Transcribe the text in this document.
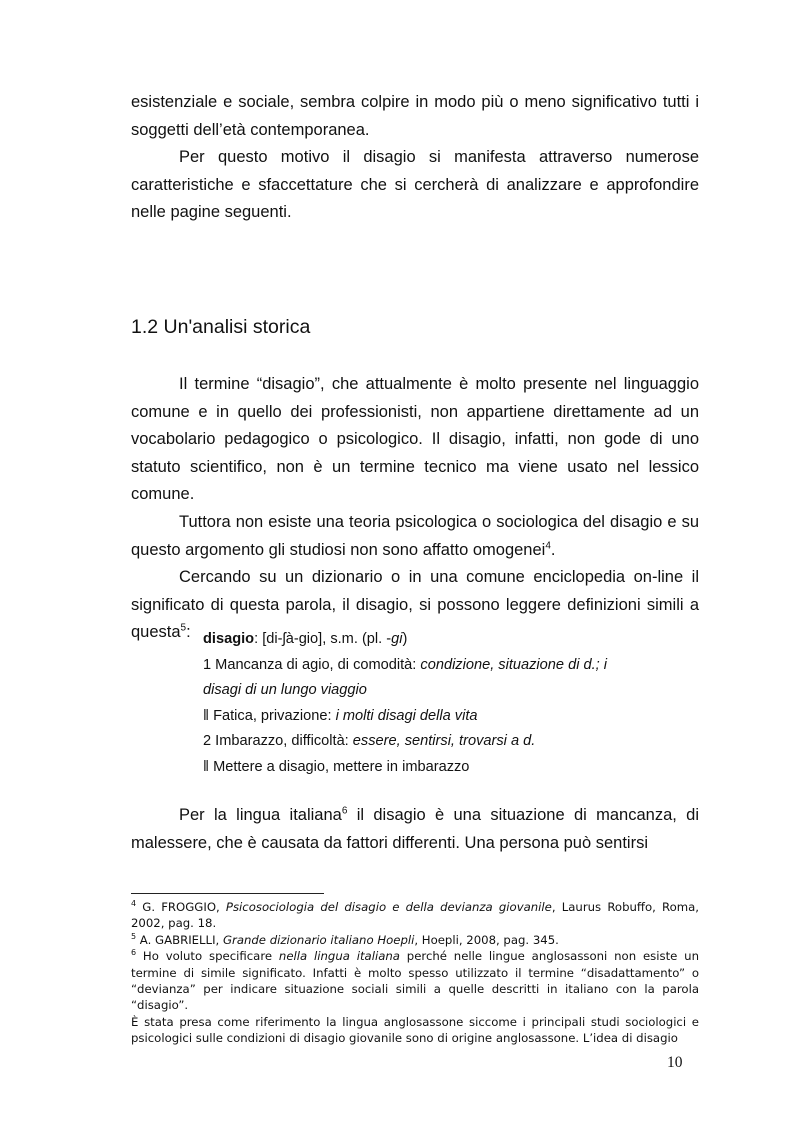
esistenziale e sociale, sembra colpire in modo più o meno significativo tutti i

soggetti dell’età contemporanea.

Per questo motivo il disagio si manifesta attraverso numerose caratteristiche e sfaccettature che si cercherà di analizzare e approfondire nelle pagine seguenti.

1.2 Un'analisi storica

Il termine “disagio”, che attualmente è molto presente nel linguaggio comune e in quello dei professionisti, non appartiene direttamente ad un vocabolario pedagogico o psicologico. Il disagio, infatti, non gode di uno statuto scientifico, non è un termine tecnico ma viene usato nel lessico comune.

Tuttora non esiste una teoria psicologica o sociologica del disagio e su questo argomento gli studiosi non sono affatto omogenei$^4$.

Cercando su un dizionario o in una comune enciclopedia on-line il significato di questa parola, il disagio, si possono leggere definizioni simili a questa$^5$: disagio: [di-ʃà-gio], s.m. (pl. -gi)
1 Mancanza di agio, di comodità: condizione, situazione di d.; i
disagi di un lungo viaggio
ǁ Fatica, privazione: i molti disagi della vita
2 Imbarazzo, difficoltà: essere, sentirsi, trovarsi a d.
ǁ Mettere a disagio, mettere in imbarazzo

Per la lingua italiana$^6$ il disagio è una situazione di mancanza, di malessere, che è causata da fattori differenti. Una persona può sentirsi

$^4$ G. FROGGIO, Psicosociologia del disagio e della devianza giovanile, Laurus Robuffo, Roma, 2002, pag. 18.

$^5$ A. GABRIELLI, Grande dizionario italiano Hoepli, Hoepli, 2008, pag. 345.

$^6$ Ho voluto specificare nella lingua italiana perché nelle lingue anglosassoni non esiste un termine di simile significato. Infatti è molto spesso utilizzato il termine “disadattamento” o “devianza” per indicare situazione sociali simili a quelle descritti in italiano con la parola “disagio”.

È stata presa come riferimento la lingua anglosassone siccome i principali studi sociologici e psicologici sulle condizioni di disagio giovanile sono di origine anglosassone. L’idea di disagio

10
